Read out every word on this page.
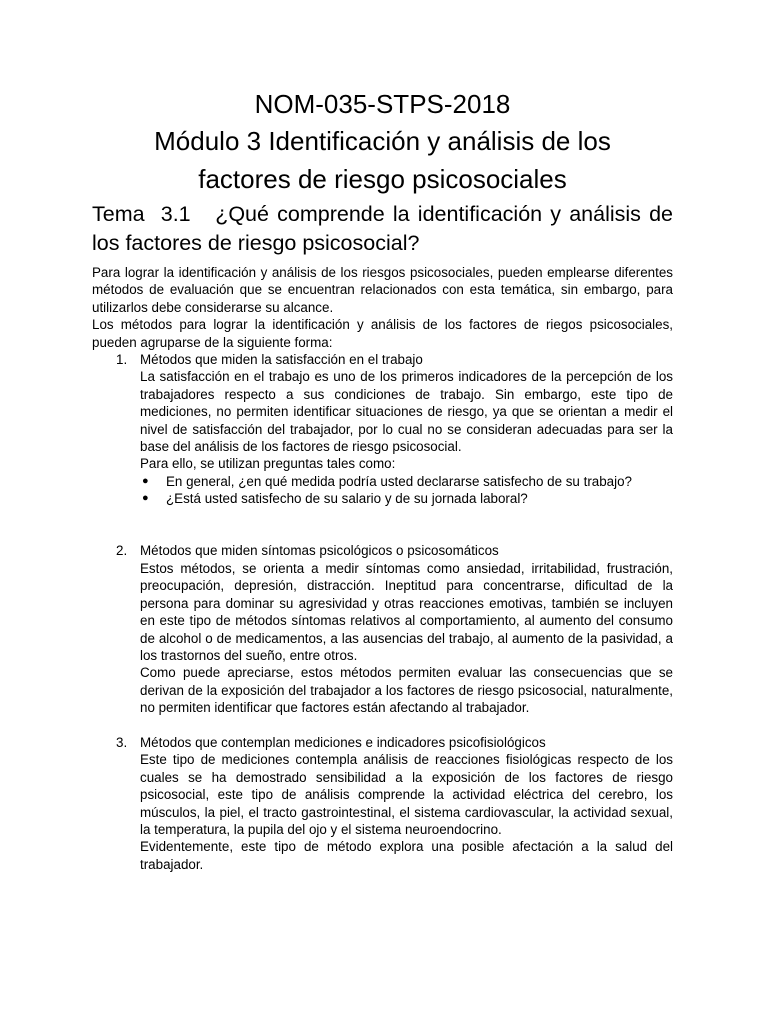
NOM-035-STPS-2018
Módulo 3 Identificación y análisis de los
factores de riesgo psicosociales
Tema 3.1 ¿Qué comprende la identificación y análisis de los factores de riesgo psicosocial?

Para lograr la identificación y análisis de los riesgos psicosociales, pueden emplearse diferentes métodos de evaluación que se encuentran relacionados con esta temática, sin embargo, para utilizarlos debe considerarse su alcance.

Los métodos para lograr la identificación y análisis de los factores de riegos psicosociales, pueden agruparse de la siguiente forma:

1. Métodos que miden la satisfacción en el trabajo

La satisfacción en el trabajo es uno de los primeros indicadores de la percepción de los trabajadores respecto a sus condiciones de trabajo. Sin embargo, este tipo de mediciones, no permiten identificar situaciones de riesgo, ya que se orientan a medir el nivel de satisfacción del trabajador, por lo cual no se consideran adecuadas para ser la base del análisis de los factores de riesgo psicosocial.

Para ello, se utilizan preguntas tales como:

● En general, ¿en qué medida podría usted declararse satisfecho de su trabajo?
● ¿Está usted satisfecho de su salario y de su jornada laboral?
2. Métodos que miden síntomas psicológicos o psicosomáticos

Estos métodos, se orienta a medir síntomas como ansiedad, irritabilidad, frustración, preocupación, depresión, distracción. Ineptitud para concentrarse, dificultad de la persona para dominar su agresividad y otras reacciones emotivas, también se incluyen en este tipo de métodos síntomas relativos al comportamiento, al aumento del consumo de alcohol o de medicamentos, a las ausencias del trabajo, al aumento de la pasividad, a los trastornos del sueño, entre otros.

Como puede apreciarse, estos métodos permiten evaluar las consecuencias que se derivan de la exposición del trabajador a los factores de riesgo psicosocial, naturalmente, no permiten identificar que factores están afectando al trabajador.

3. Métodos que contemplan mediciones e indicadores psicofisiológicos

Este tipo de mediciones contempla análisis de reacciones fisiológicas respecto de los cuales se ha demostrado sensibilidad a la exposición de los factores de riesgo psicosocial, este tipo de análisis comprende la actividad eléctrica del cerebro, los músculos, la piel, el tracto gastrointestinal, el sistema cardiovascular, la actividad sexual, la temperatura, la pupila del ojo y el sistema neuroendocrino.

Evidentemente, este tipo de método explora una posible afectación a la salud del trabajador.
